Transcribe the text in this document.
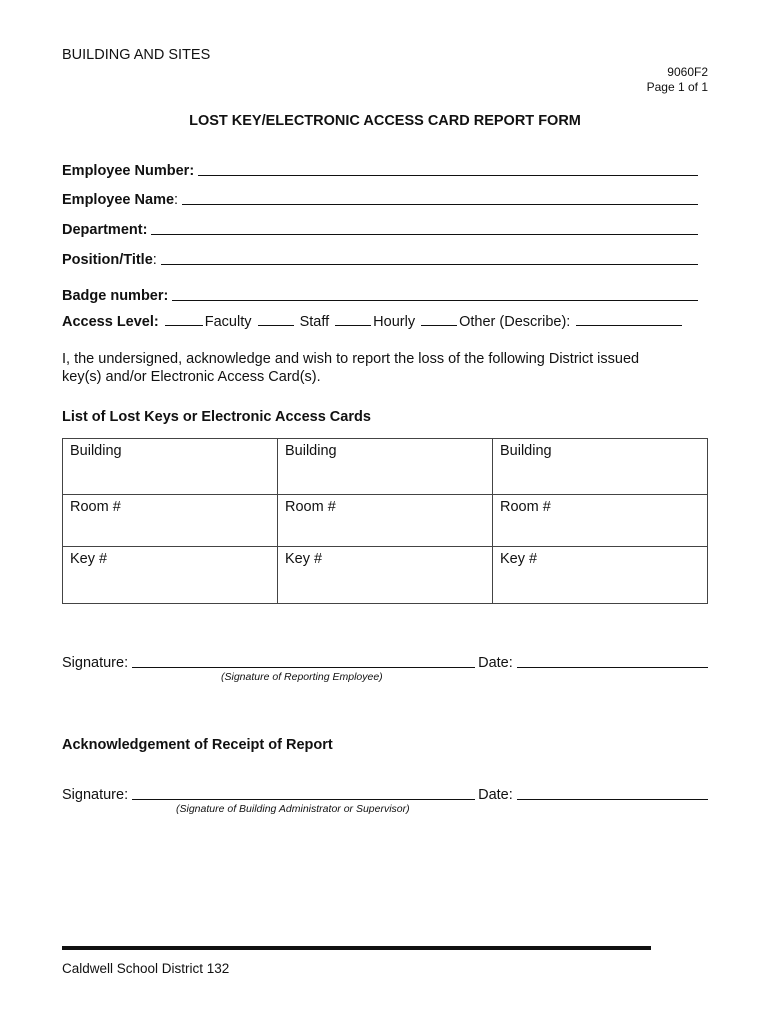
BUILDING AND SITES
9060F2
Page 1 of 1
LOST KEY/ELECTRONIC ACCESS CARD REPORT FORM
Employee Number:
Employee Name:
Department:
Position/Title:
Badge number:
Access Level:	Faculty	Staff	Hourly	Other (Describe):
I, the undersigned, acknowledge and wish to report the loss of the following District issued key(s) and/or Electronic Access Card(s).
List of Lost Keys or Electronic Access Cards
Building	Building	Building
Room #	Room #	Room #
Key #	Key #	Key #
Signature:	Date:
(Signature of Reporting Employee)
Acknowledgement of Receipt of Report
Signature:	Date:
(Signature of Building Administrator or Supervisor)
Caldwell School District 132
